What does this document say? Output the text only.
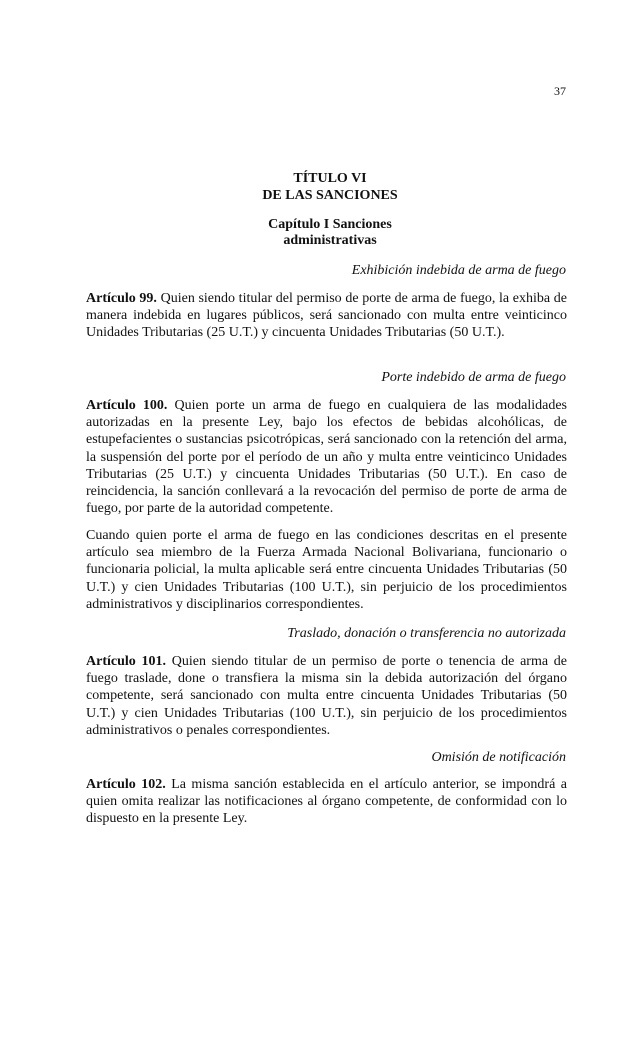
37
TÍTULO VI
DE LAS SANCIONES
Capítulo I Sanciones administrativas
Exhibición indebida de arma de fuego

Artículo 99. Quien siendo titular del permiso de porte de arma de fuego, la exhiba de manera indebida en lugares públicos, será sancionado con multa entre veinticinco Unidades Tributarias (25 U.T.) y cincuenta Unidades Tributarias (50 U.T.).

Porte indebido de arma de fuego

Artículo 100. Quien porte un arma de fuego en cualquiera de las modalidades autorizadas en la presente Ley, bajo los efectos de bebidas alcohólicas, de estupefacientes o sustancias psicotrópicas, será sancionado con la retención del arma, la suspensión del porte por el período de un año y multa entre veinticinco Unidades Tributarias (25 U.T.) y cincuenta Unidades Tributarias (50 U.T.). En caso de reincidencia, la sanción conllevará a la revocación del permiso de porte de arma de fuego, por parte de la autoridad competente.

Cuando quien porte el arma de fuego en las condiciones descritas en el presente artículo sea miembro de la Fuerza Armada Nacional Bolivariana, funcionario o funcionaria policial, la multa aplicable será entre cincuenta Unidades Tributarias (50 U.T.) y cien Unidades Tributarias (100 U.T.), sin perjuicio de los procedimientos administrativos y disciplinarios correspondientes.

Traslado, donación o transferencia no autorizada

Artículo 101. Quien siendo titular de un permiso de porte o tenencia de arma de fuego traslade, done o transfiera la misma sin la debida autorización del órgano competente, será sancionado con multa entre cincuenta Unidades Tributarias (50 U.T.) y cien Unidades Tributarias (100 U.T.), sin perjuicio de los procedimientos administrativos o penales correspondientes.

Omisión de notificación

Artículo 102. La misma sanción establecida en el artículo anterior, se impondrá a quien omita realizar las notificaciones al órgano competente, de conformidad con lo dispuesto en la presente Ley.
